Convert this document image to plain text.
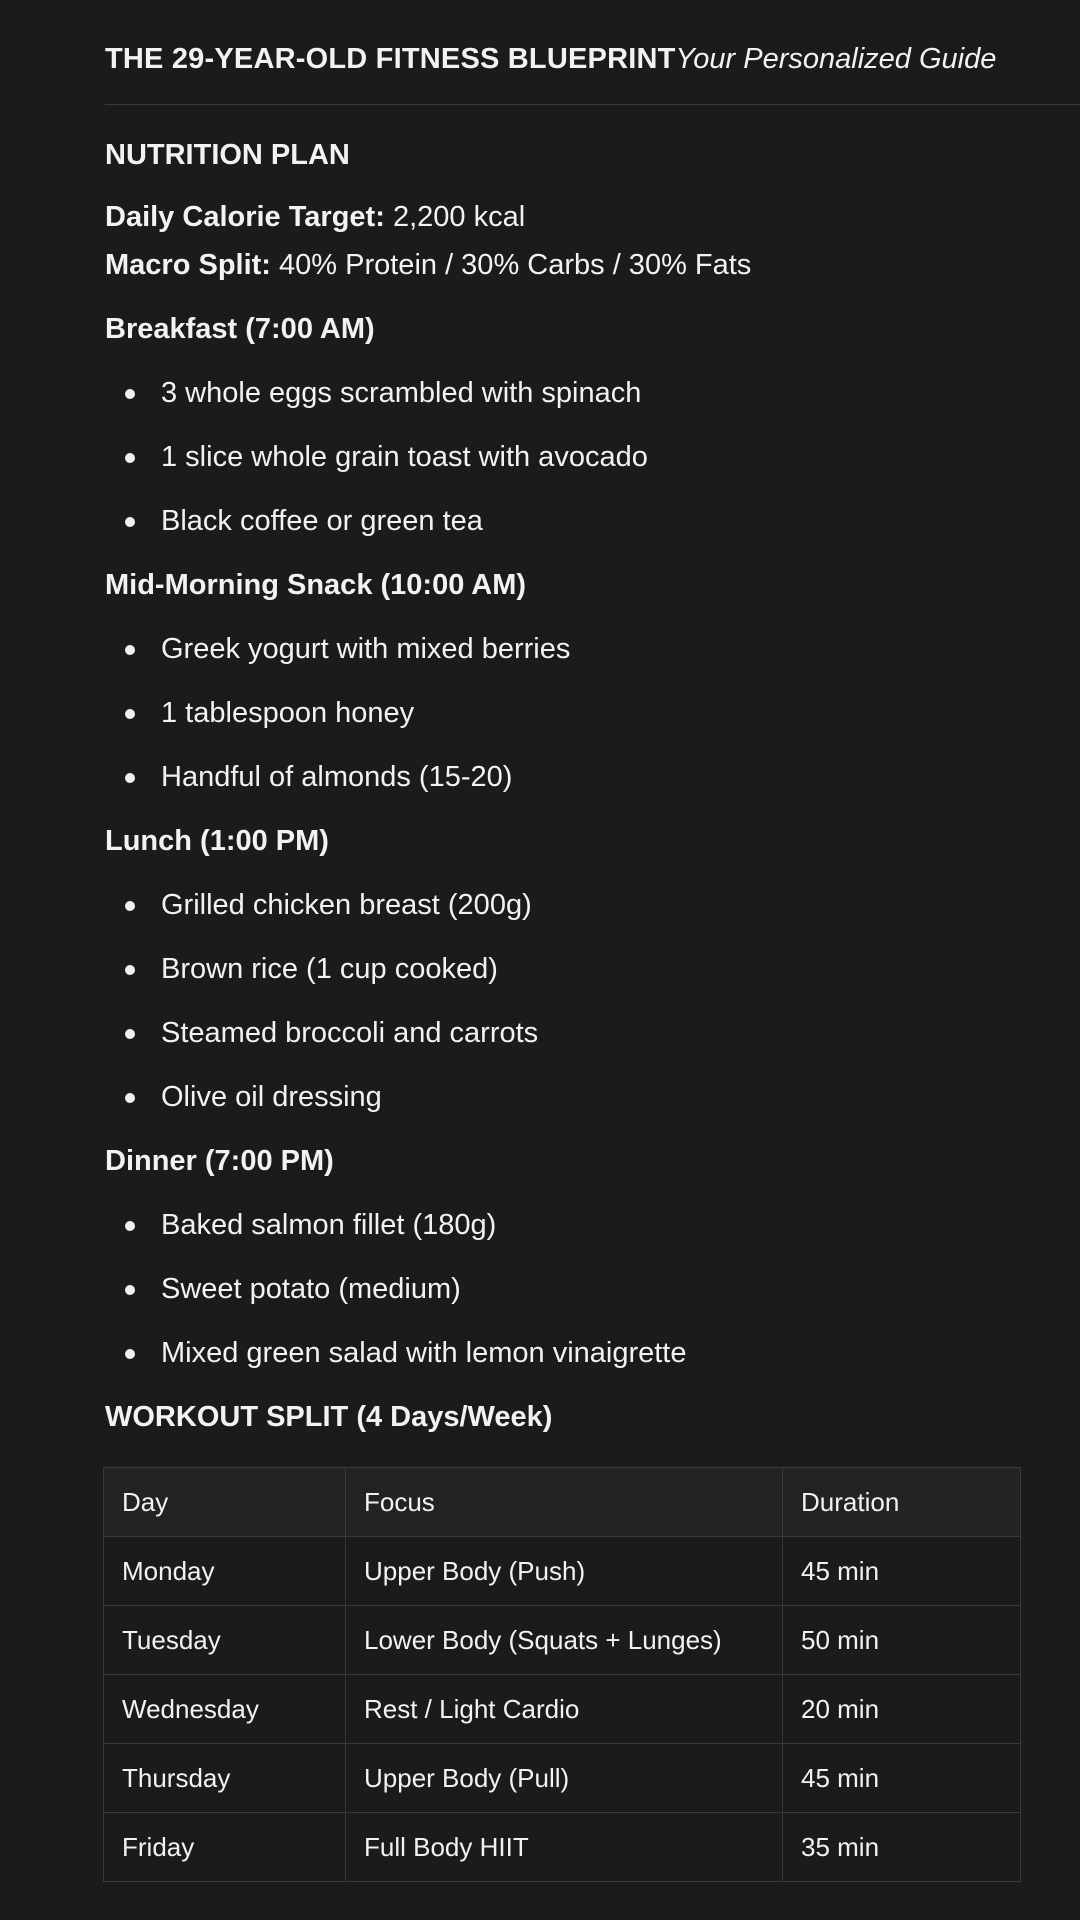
THE 29-YEAR-OLD FITNESS BLUEPRINT Your Personalized Guide
NUTRITION PLAN
Daily Calorie Target: 2,200 kcal
Macro Split: 40% Protein / 30% Carbs / 30% Fats
Breakfast (7:00 AM)
3 whole eggs scrambled with spinach
1 slice whole grain toast with avocado
Black coffee or green tea
Mid-Morning Snack (10:00 AM)
Greek yogurt with mixed berries
1 tablespoon honey
Handful of almonds (15-20)
Lunch (1:00 PM)
Grilled chicken breast (200g)
Brown rice (1 cup cooked)
Steamed broccoli and carrots
Olive oil dressing
Dinner (7:00 PM)
Baked salmon fillet (180g)
Sweet potato (medium)
Mixed green salad with lemon vinaigrette
WORKOUT SPLIT (4 Days/Week)
Day	Focus	Duration
Monday	Upper Body (Push)	45 min
Tuesday	Lower Body (Squats + Lunges)	50 min
Wednesday	Rest / Light Cardio	20 min
Thursday	Upper Body (Pull)	45 min
Friday	Full Body HIIT	35 min
